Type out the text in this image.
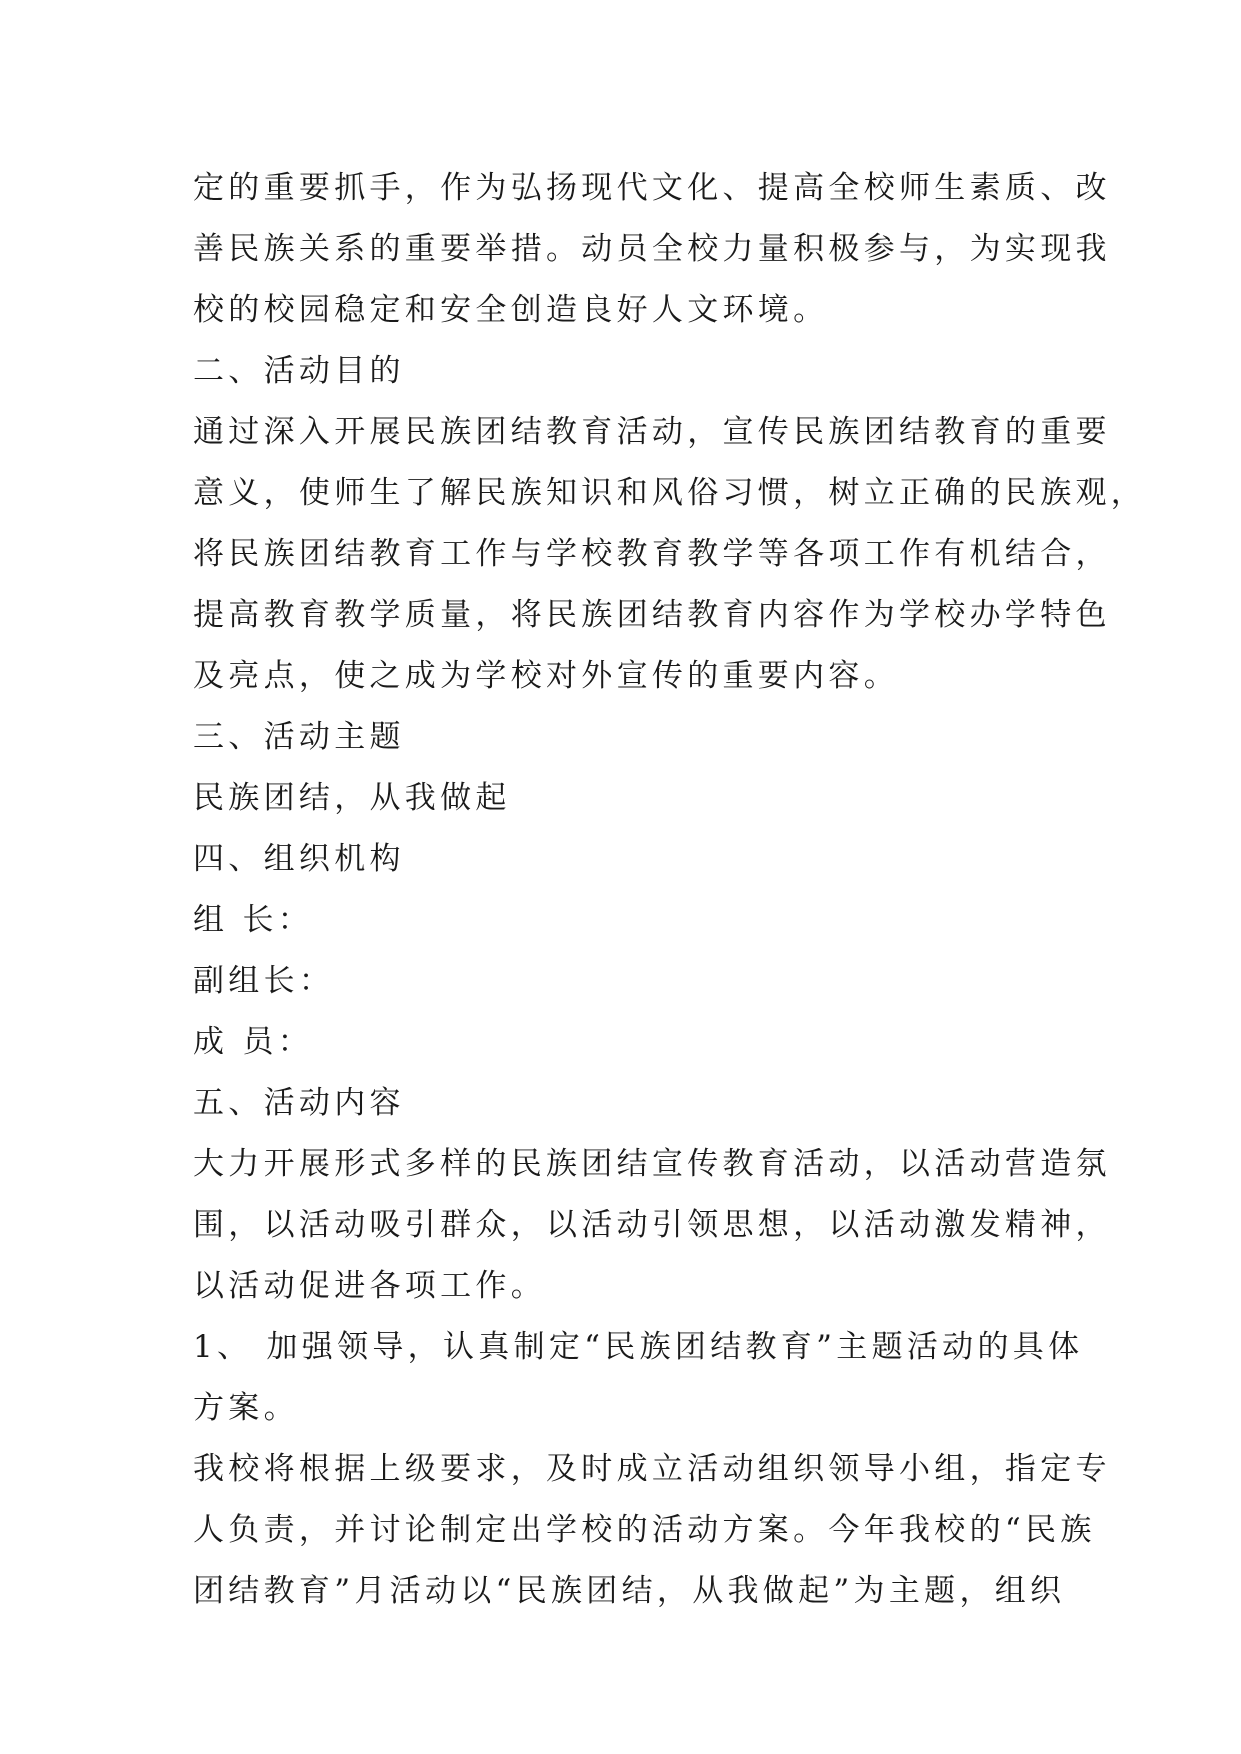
定的重要抓手，作为弘扬现代文化、提高全校师生素质、改
善民族关系的重要举措。动员全校力量积极参与，为实现我
校的校园稳定和安全创造良好人文环境。
二、活动目的
通过深入开展民族团结教育活动，宣传民族团结教育的重要
意义，使师生了解民族知识和风俗习惯，树立正确的民族观，
将民族团结教育工作与学校教育教学等各项工作有机结合，
提高教育教学质量，将民族团结教育内容作为学校办学特色
及亮点，使之成为学校对外宣传的重要内容。
三、活动主题
民族团结，从我做起
四、组织机构
组 长：
副组长：
成 员：
五、活动内容
大力开展形式多样的民族团结宣传教育活动，以活动营造氛
围，以活动吸引群众，以活动引领思想，以活动激发精神，
以活动促进各项工作。
1、 加强领导，认真制定“民族团结教育”主题活动的具体
方案。
我校将根据上级要求，及时成立活动组织领导小组，指定专
人负责，并讨论制定出学校的活动方案。今年我校的“民族
团结教育”月活动以“民族团结，从我做起”为主题，组织
